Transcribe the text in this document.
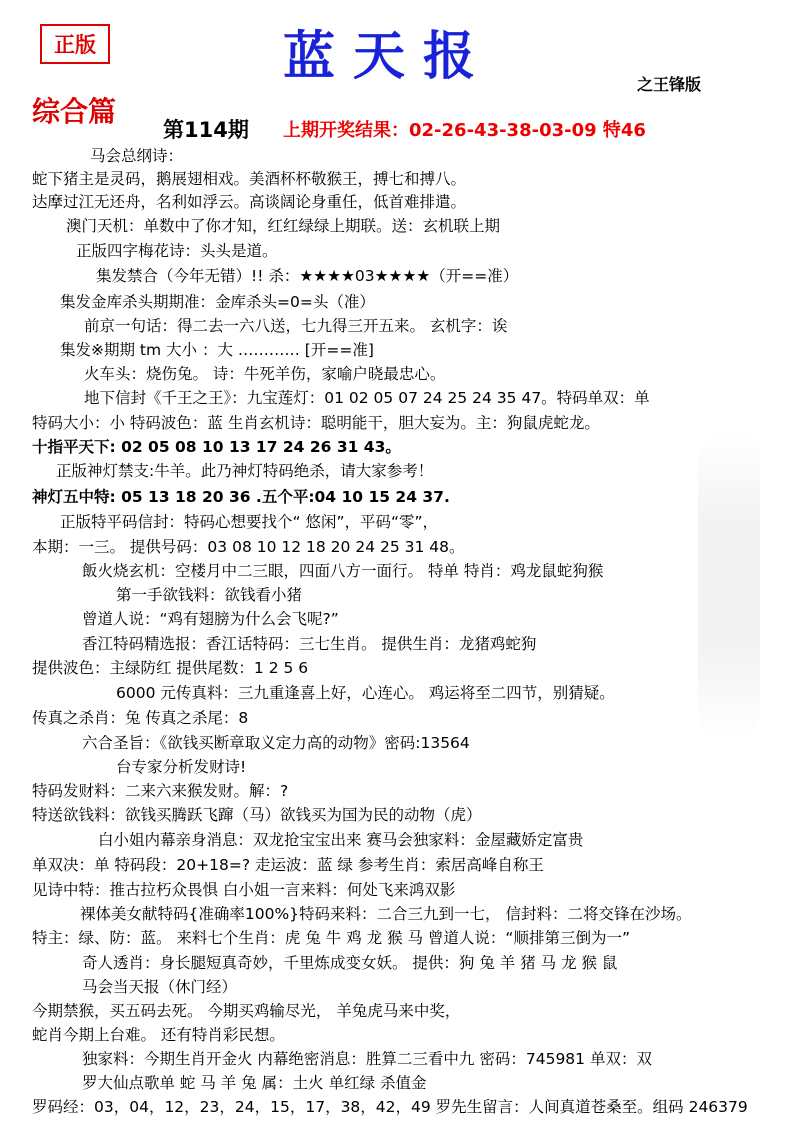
正版	蓝天报	之王锋版
综合篇
第114期 上期开奖结果：02-26-43-38-03-09 特46
马会总纲诗：
蛇下猪主是灵码，鹅展翅相戏。美酒杯杯敬猴王，搏七和搏八。
达摩过江无还舟，名利如浮云。高谈阔论身重任，低首难排遣。
澳门天机：单数中了你才知，红红绿绿上期联。送：玄机联上期
正版四字梅花诗：头头是道。
集发禁合（今年无错）!! 杀：★★★★03★★★★（开==准）
集发金库杀头期期准：金库杀头=0=头（准）
前京一句话：得二去一六八送，七九得三开五来。 玄机字：诶
集发※期期 tm 大小 ：大 ………… [开==准]
火车头：烧伤兔。 诗：牛死羊伤，家喻户晓最忠心。
地下信封《千王之王》：九宝莲灯：01 02 05 07 24 25 24 35 47。特码单双：单
特码大小：小 特码波色：蓝 生肖玄机诗：聪明能干，胆大妄为。主：狗鼠虎蛇龙。
十指平天下: 02 05 08 10 13 17 24 26 31 43。
正版神灯禁支:牛羊。此乃神灯特码绝杀，请大家参考！
神灯五中特: 05 13 18 20 36 .五个平:04 10 15 24 37.
正版特平码信封：特码心想要找个“ 悠闲”，平码“零”，
本期：一三。 提供号码：03 08 10 12 18 20 24 25 31 48。
飯火烧玄机：空楼月中二三眼，四面八方一面行。 特单 特肖：鸡龙鼠蛇狗猴
第一手欲钱料：欲钱看小猪
曾道人说：“鸡有翅膀为什么会飞呢?”
香江特码精选报：香江话特码：三七生肖。 提供生肖：龙猪鸡蛇狗
提供波色：主绿防红 提供尾数：1 2 5 6
6000 元传真料：三九重逢喜上好，心连心。 鸡运将至二四节，别猜疑。
传真之杀肖：兔 传真之杀尾：8
六合圣旨：《欲钱买断章取义定力高的动物》密码:13564
台专家分析发财诗!
特码发财料：二来六来猴发财。解：?
特送欲钱料：欲钱买腾跃飞蹿（马）欲钱买为国为民的动物（虎）
白小姐内幕亲身消息：双龙抢宝宝出来 赛马会独家料：金屋藏娇定富贵
单双决：单 特码段：20+18=? 走运波：蓝 绿 参考生肖：索居高峰自称王
见诗中特：推古拉朽众畏惧 白小姐一言来料：何处飞来鸿双影
裸体美女献特码{准确率100%}特码来料：二合三九到一七， 信封料：二将交锋在沙场。
特主：绿、防：蓝。 来料七个生肖：虎 兔 牛 鸡 龙 猴 马 曾道人说：“顺排第三倒为一”
奇人透肖：身长腿短真奇妙，千里炼成变女妖。 提供：狗 兔 羊 猪 马 龙 猴 鼠
马会当天报（休门经）
今期禁猴，买五码去死。 今期买鸡输尽光， 羊兔虎马来中奖，
蛇肖今期上台难。 还有特肖彩民想。
独家料：今期生肖开金火 内幕绝密消息：胜算二三看中九 密码：745981 单双：双
罗大仙点歌单 蛇 马 羊 兔 属：土火 单红绿 杀值金
罗码经：03，04，12，23，24，15，17，38，42，49 罗先生留言：人间真道苍桑至。组码 246379
